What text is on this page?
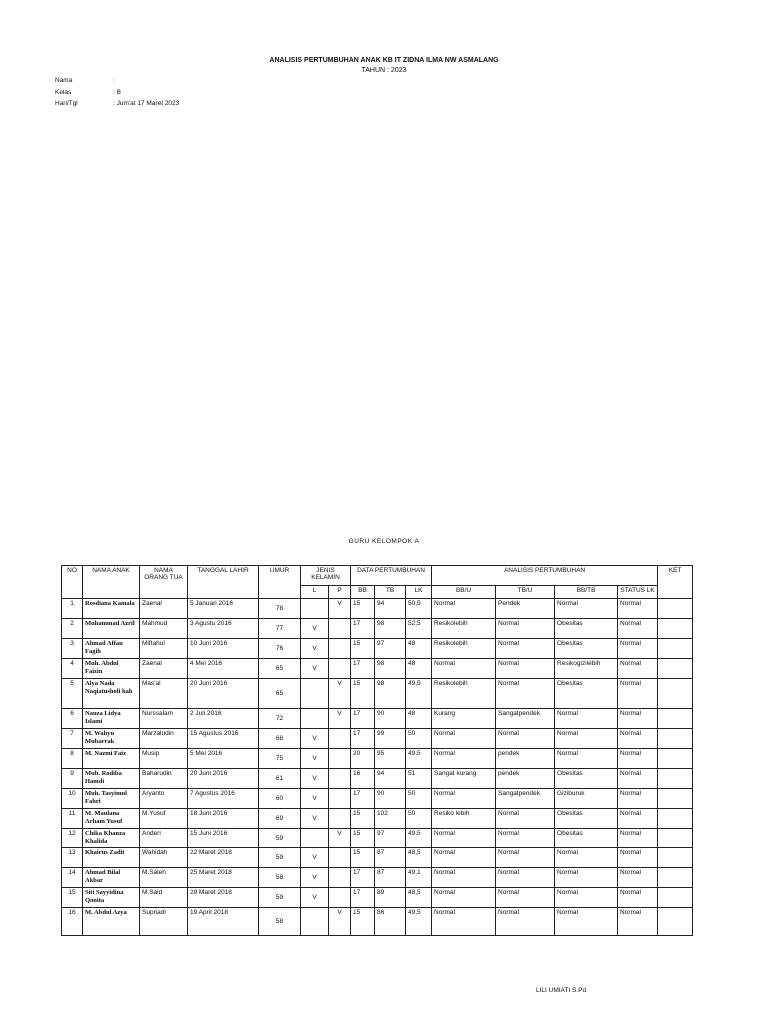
ANALISIS PERTUMBUHAN ANAK KB IT ZIDNA ILMA NW ASMALANG
TAHUN : 2023
Nama	:
Kelas	: B
Hari/Tgl	: Jum'at 17 Maret 2023
GURU KELOMPOK A
NO	NAMA ANAK	NAMA ORANG TUA	TANGGAL LAHIR	UMUR	JENIS KELAMIN		DATA PERTUMBUHAN			ANALISIS PERTUMBUHAN				KET
					L	P	BB	TB	LK	BB/U	TB/U	BB/TB	STATUS LK	
1	Rosdiana Kamala	Zaenal	5 Januari 2016	78		V	15	94	50,5	Normal	Pendek	Normal	Normal	
2	Muhammad Azril	Mahmud	3 Agustu 2016	77	V		17	98	52,5	Resikolebih	Normal	Obesitas	Normal	
3	Ahmad Affan Fagih	Miftahul	10 Juni 2016	76	V		15	97	48	Resikolebih	Normal	Obesitas	Normal	
4	Muh. Abdul Faizin	Zaenal	4 Mei 2016	65	V		17	98	48	Normal	Normal	Resikogizilebih	Normal	
5	Alya Nada Naqiatusholi hah	Mas'al	20 Juni 2016	65		V	15	98	49,5	Resikolebih	Normal	Obesitas	Normal	
6	Nauza Lidya Islami	Nurssalam	2 Juli 2016	72		V	17	90	48	Kurang	Sangatpendek	Normal	Normal	
7	M. Wahyu Mubarrak	Marzaludin	15 Agustus 2016	68	V		17	99	50	Normal	Normal	Normal	Normal	
8	M. Nazmi Faiz	Musip	5 Mei 2016	75	V		20	95	49,5	Normal	pendek	Normal	Normal	
9	Muh. Rodiba Hamdi	Baharudin	20 Juni 2016	61	V		16	94	51	Sangat kurang	pendek	Obesitas	Normal	
10	Muh. Tasyimul Fahri	Aryanto	7 Agustus 2016	60	V		17	90	50	Normal	Sangatpendek	Giziburuk	Normal	
11	M. Maulana Arham Yusuf	M.Yusuf	18 Juni 2016	69	V		15	102	50	Resiko lebih	Normal	Obesitas	Normal	
12	Chika Khanza Khalida	Anderi	15 Juni 2016	59		V	15	97	49,5	Normal	Normal	Obesitas	Normal	
13	Khairus Zadit	Wahidah	22 Maret 2018	59	V		15	87	48,5	Normal	Normal	Normal	Normal	
14	Ahmad Bilal Akbar	M.Saleh	25 Maret 2018	58	V		17	87	49,1	Normal	Normal	Normal	Normal	
15	Siti Sayyidina Qonita	M.Said	29 Maret 2018	59	V		17	89	48,5	Normal	Normal	Normal	Normal	
16	M. Abdul Azya	Supriadi	19 April 2018	58		V	15	86	49,5	Normal	Normal	Normal	Normal	
LILI UMIATI S.Pd
